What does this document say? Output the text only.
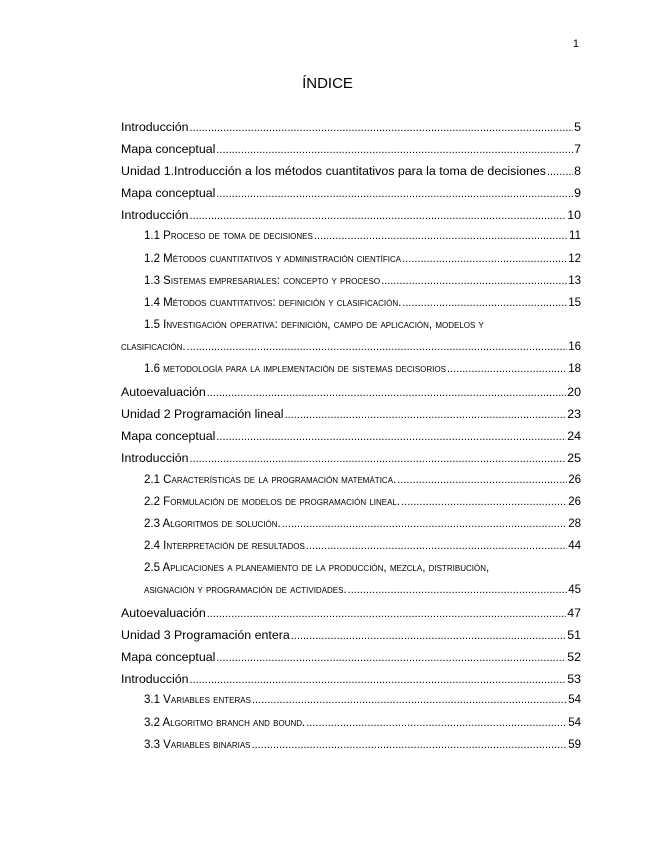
1
ÍNDICE
Introducción .....	5
Mapa conceptual .....	7
Unidad 1.Introducción a los métodos cuantitativos para la toma de decisiones ..... 8
Mapa conceptual .....	9
Introducción .....	10
1.1 Proceso de toma de decisiones .....	11
1.2 Métodos cuantitativos y administración científica .....	12
1.3 Sistemas empresariales: concepto y proceso .....	13
1.4 Métodos cuantitativos: definición y clasificación. .....	15
1.5 Investigación operativa: definición, campo de aplicación, modelos y
clasificación. .....	16
1.6 metodología para la implementación de sistemas decisorios .....	18
Autoevaluación .....	20
Unidad 2 Programación lineal .....	23
Mapa conceptual .....	24
Introducción .....	25
2.1 Características de la programación matemática. .....	26
2.2 Formulación de modelos de programación lineal. .....	26
2.3 Algoritmos de solución. .....	28
2.4 Interpretación de resultados .....	44
2.5 Aplicaciones a planeamiento de la producción, mezcla, distribución,
asignación y programación de actividades. .....	45
Autoevaluación .....	47
Unidad 3 Programación entera .....	51
Mapa conceptual .....	52
Introducción .....	53
3.1 Variables enteras .....	54
3.2 Algoritmo branch and bound. .....	54
3.3 Variables binarias .....	59
